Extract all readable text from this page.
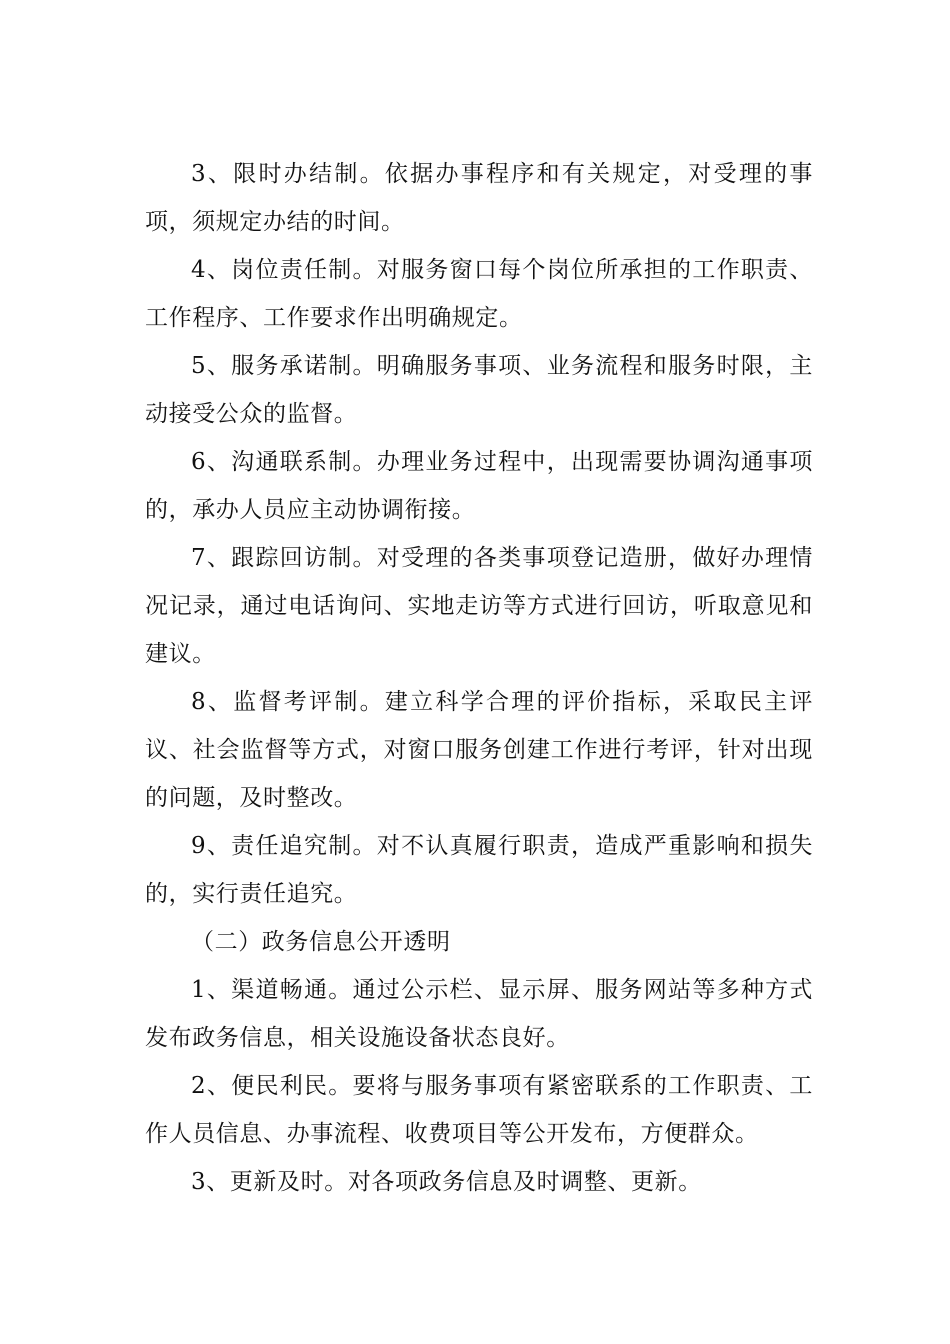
3、限时办结制。依据办事程序和有关规定，对受理的事项，须规定办结的时间。

4、岗位责任制。对服务窗口每个岗位所承担的工作职责、工作程序、工作要求作出明确规定。

5、服务承诺制。明确服务事项、业务流程和服务时限，主动接受公众的监督。

6、沟通联系制。办理业务过程中，出现需要协调沟通事项的，承办人员应主动协调衔接。

7、跟踪回访制。对受理的各类事项登记造册，做好办理情况记录，通过电话询问、实地走访等方式进行回访，听取意见和建议。

8、监督考评制。建立科学合理的评价指标，采取民主评议、社会监督等方式，对窗口服务创建工作进行考评，针对出现的问题，及时整改。

9、责任追究制。对不认真履行职责，造成严重影响和损失的，实行责任追究。

（二）政务信息公开透明

1、渠道畅通。通过公示栏、显示屏、服务网站等多种方式发布政务信息，相关设施设备状态良好。

2、便民利民。要将与服务事项有紧密联系的工作职责、工作人员信息、办事流程、收费项目等公开发布，方便群众。

3、更新及时。对各项政务信息及时调整、更新。
